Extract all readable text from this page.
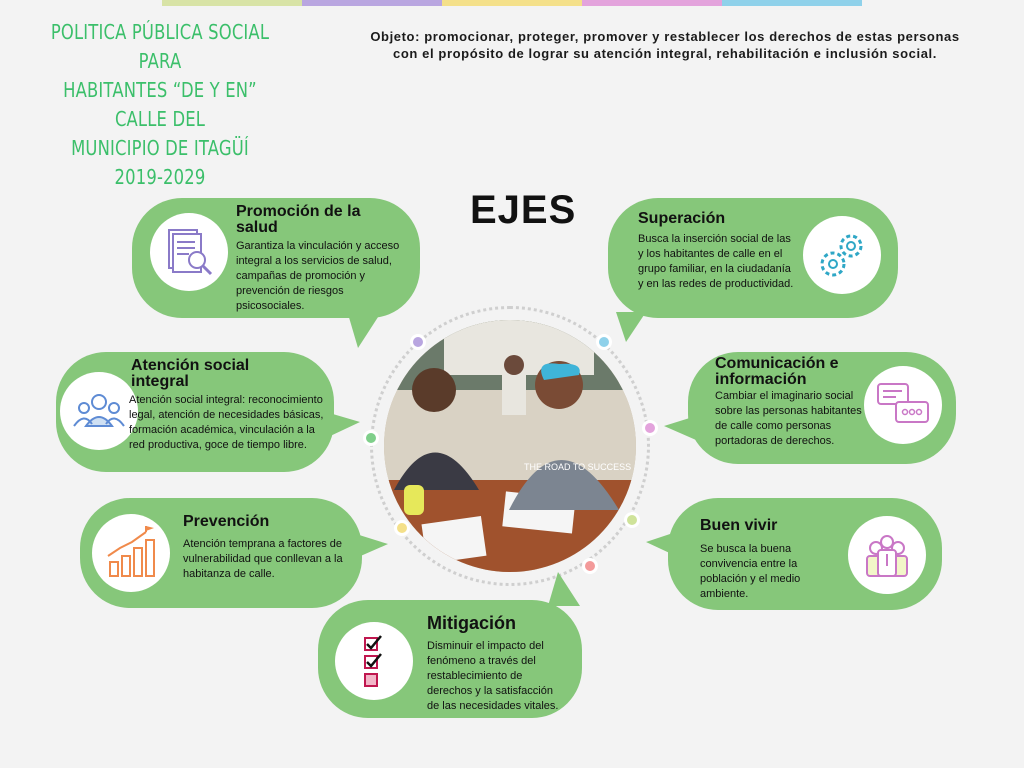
POLITICA PÚBLICA SOCIAL PARA
HABITANTES “DE Y EN” CALLE DEL
MUNICIPIO DE ITAGÜÍ
2019-2029
Objeto: promocionar, proteger, promover y restablecer los derechos de estas personas con el propósito de lograr su atención integral, rehabilitación e inclusión social.
EJES
THE ROAD TO SUCCESS
Promoción de la salud
Garantiza la vinculación y acceso integral a los servicios de salud, campañas de promoción y prevención de riesgos psicosociales.
Superación
Busca la inserción social de las y los habitantes de calle en el grupo familiar, en la ciudadanía y en las redes de productividad.
Atención social integral
Atención social integral: reconocimiento legal, atención de necesidades básicas, formación académica, vinculación a la red productiva, goce de tiempo libre.
Comunicación e información
Cambiar el imaginario social sobre las personas habitantes de calle como personas portadoras de derechos.
Prevención
Atención temprana a factores de vulnerabilidad que conllevan a la habitanza de calle.
Buen vivir
Se busca la buena convivencia entre la población y el medio ambiente.
Mitigación
Disminuir el impacto del fenómeno a través del restablecimiento de derechos y la satisfacción de las necesidades vitales.
